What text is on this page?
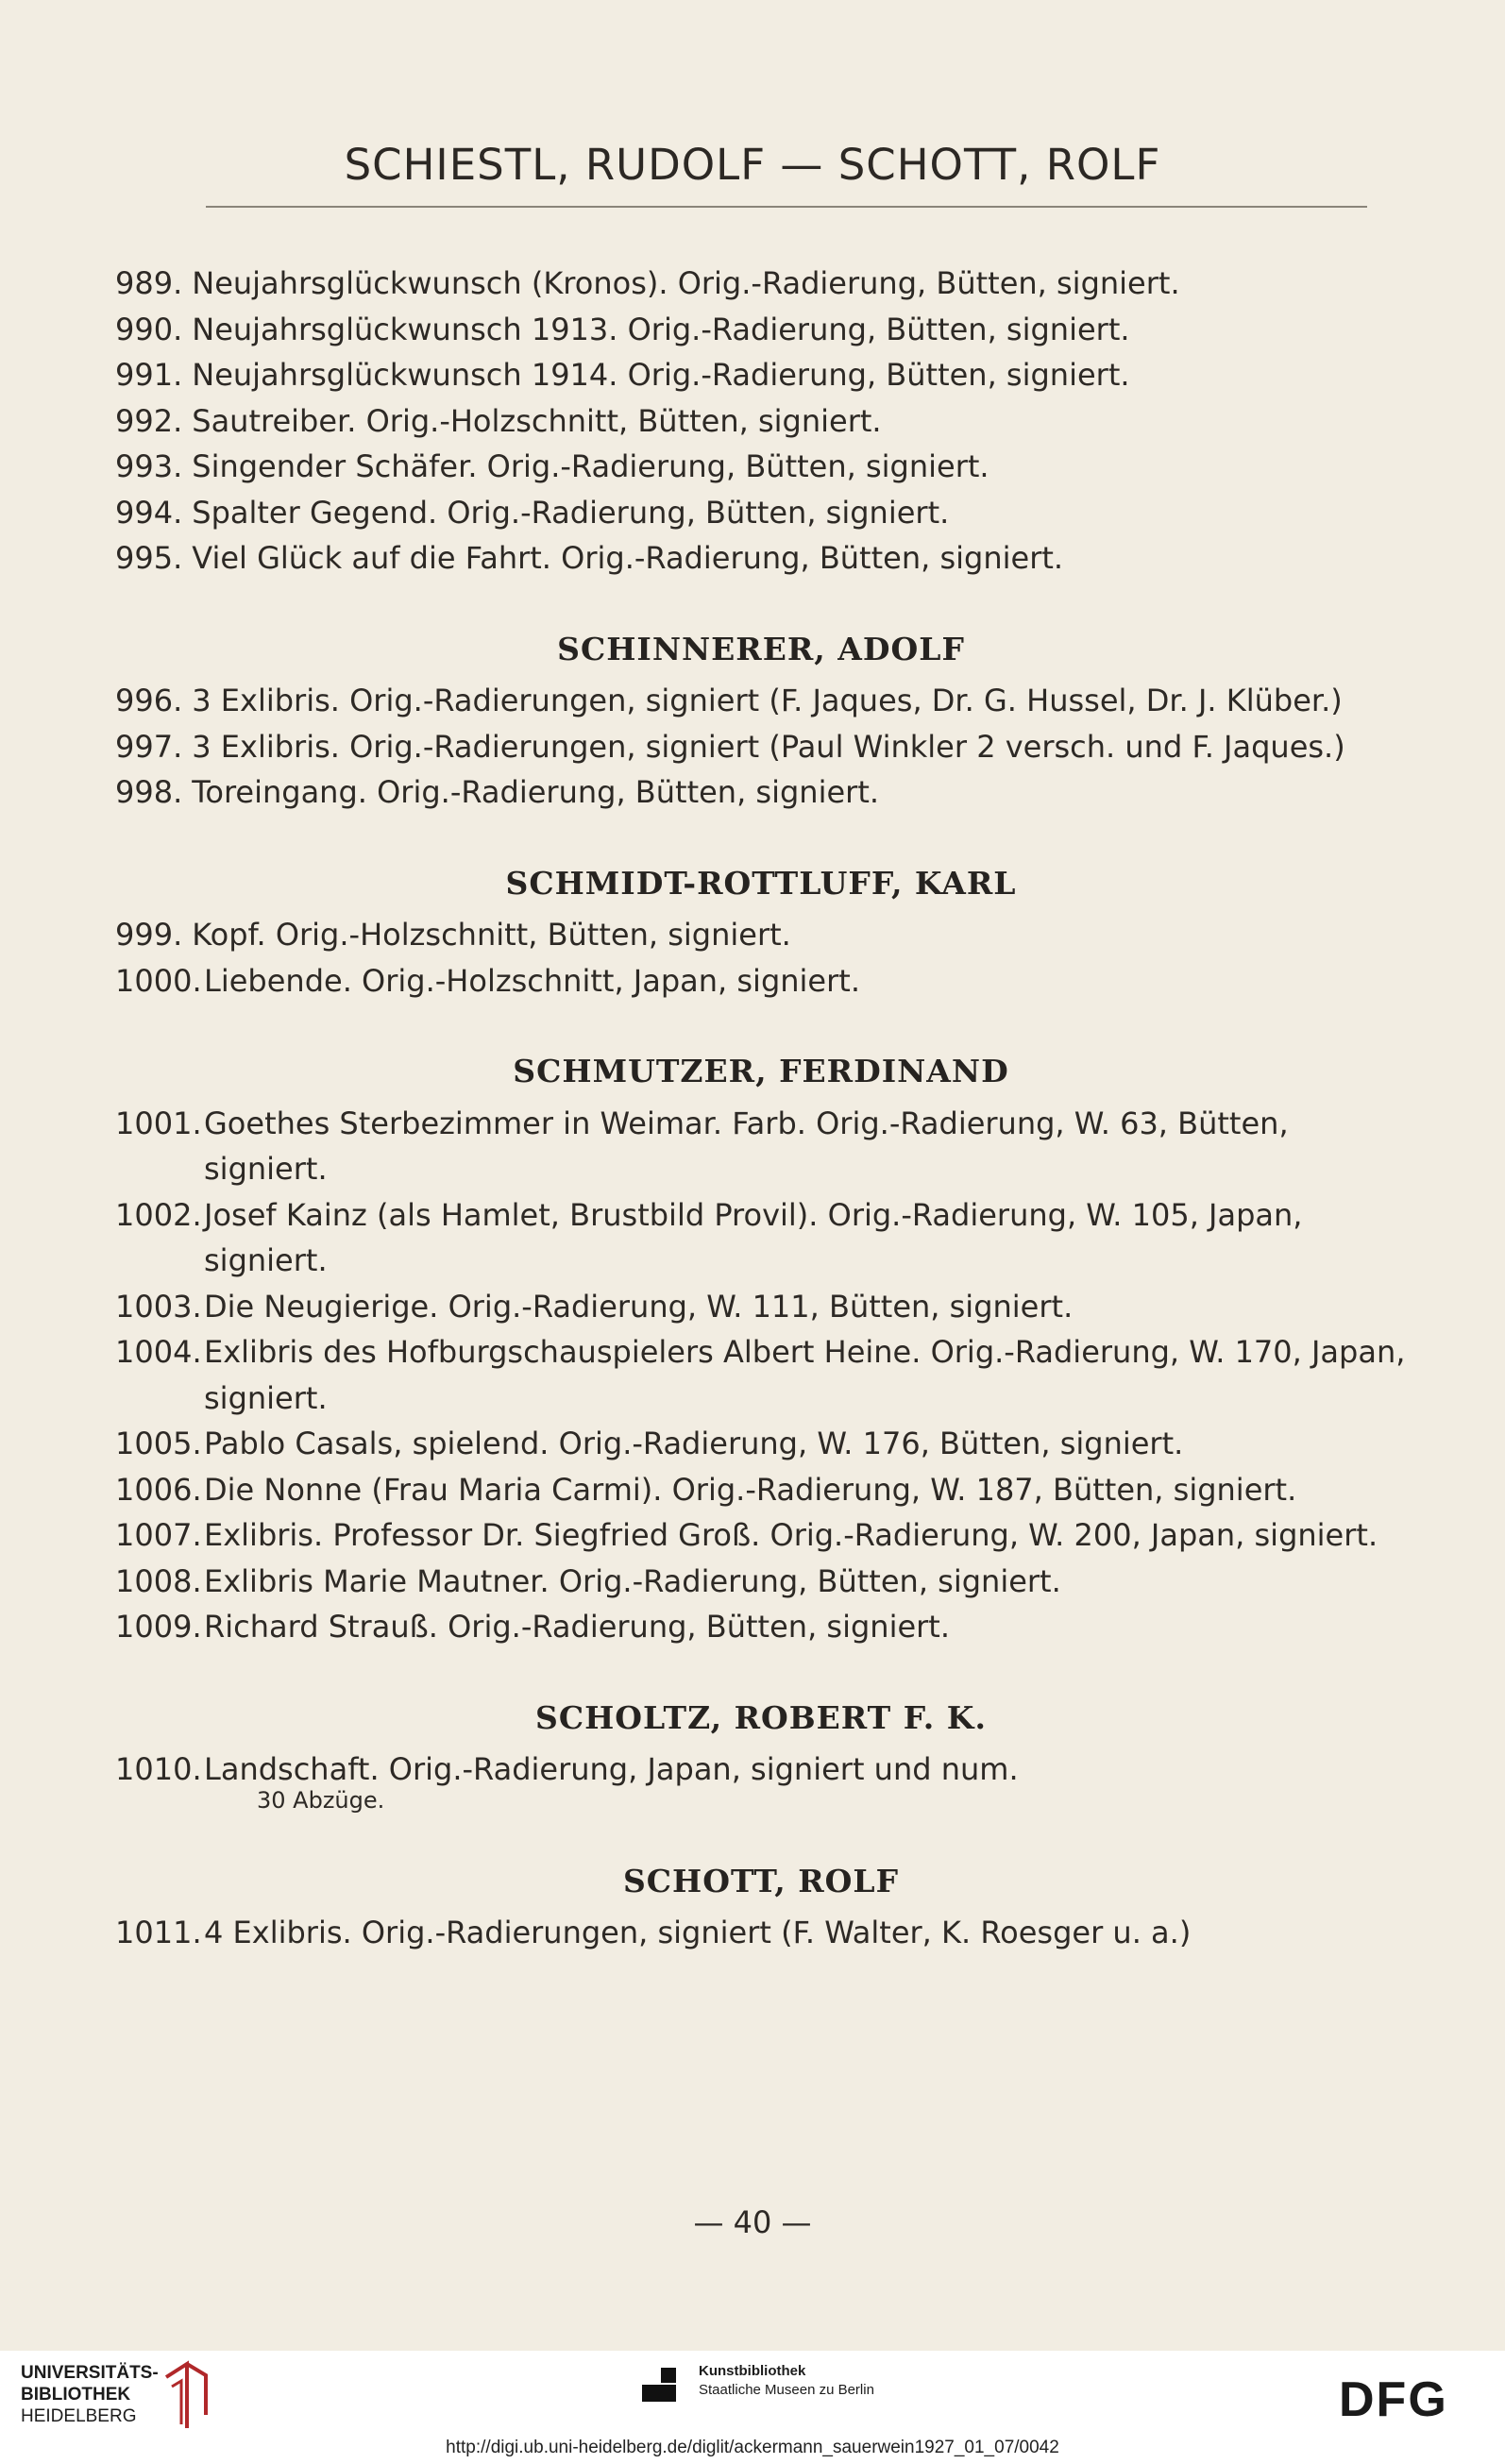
SCHIESTL, RUDOLF — SCHOTT, ROLF
989. Neujahrsglückwunsch (Kronos). Orig.-Radierung, Bütten, signiert.
990. Neujahrsglückwunsch 1913. Orig.-Radierung, Bütten, signiert.
991. Neujahrsglückwunsch 1914. Orig.-Radierung, Bütten, signiert.
992. Sautreiber. Orig.-Holzschnitt, Bütten, signiert.
993. Singender Schäfer. Orig.-Radierung, Bütten, signiert.
994. Spalter Gegend. Orig.-Radierung, Bütten, signiert.
995. Viel Glück auf die Fahrt. Orig.-Radierung, Bütten, signiert.
SCHINNERER, ADOLF
996. 3 Exlibris. Orig.-Radierungen, signiert (F. Jaques, Dr. G. Hussel, Dr. J. Klüber.)
997. 3 Exlibris. Orig.-Radierungen, signiert (Paul Winkler 2 versch. und F. Jaques.)
998. Toreingang. Orig.-Radierung, Bütten, signiert.
SCHMIDT-ROTTLUFF, KARL
999. Kopf. Orig.-Holzschnitt, Bütten, signiert.
1000. Liebende. Orig.-Holzschnitt, Japan, signiert.
SCHMUTZER, FERDINAND
1001. Goethes Sterbezimmer in Weimar. Farb. Orig.-Radierung, W. 63, Bütten, signiert.
1002. Josef Kainz (als Hamlet, Brustbild Provil). Orig.-Radierung, W. 105, Japan, signiert.
1003. Die Neugierige. Orig.-Radierung, W. 111, Bütten, signiert.
1004. Exlibris des Hofburgschauspielers Albert Heine. Orig.-Radierung, W. 170, Japan, signiert.
1005. Pablo Casals, spielend. Orig.-Radierung, W. 176, Bütten, signiert.
1006. Die Nonne (Frau Maria Carmi). Orig.-Radierung, W. 187, Bütten, signiert.
1007. Exlibris. Professor Dr. Siegfried Groß. Orig.-Radierung, W. 200, Japan, signiert.
1008. Exlibris Marie Mautner. Orig.-Radierung, Bütten, signiert.
1009. Richard Strauß. Orig.-Radierung, Bütten, signiert.
SCHOLTZ, ROBERT F. K.
1010. Landschaft. Orig.-Radierung, Japan, signiert und num.
30 Abzüge.
SCHOTT, ROLF
1011. 4 Exlibris. Orig.-Radierungen, signiert (F. Walter, K. Roesger u. a.)
— 40 —
UNIVERSITÄTS-
BIBLIOTHEK
HEIDELBERG
Kunstbibliothek
Staatliche Museen zu Berlin	DFG
http://digi.ub.uni-heidelberg.de/diglit/ackermann_sauerwein1927_01_07/0042
